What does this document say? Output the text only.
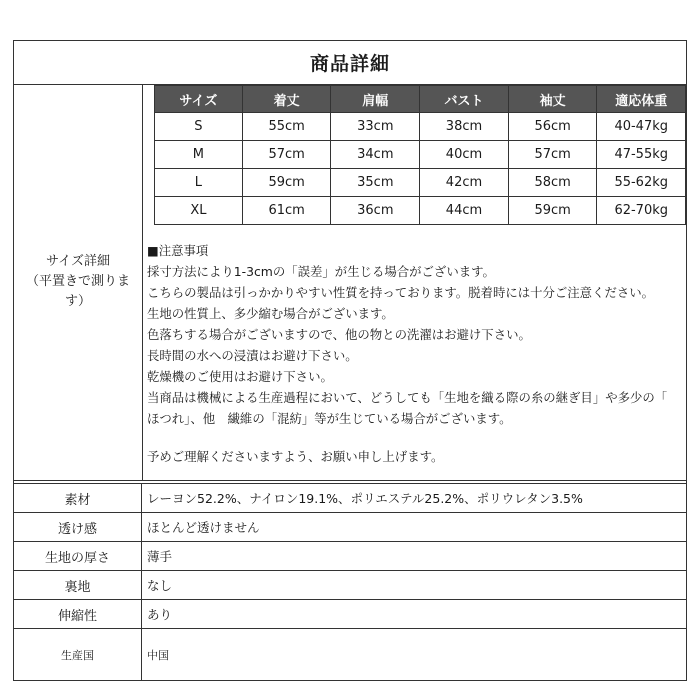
商品詳細
サイズ詳細
（平置きで測りま
す）
サイズ	着丈	肩幅	バスト	袖丈	適応体重
S	55cm	33cm	38cm	56cm	40-47kg
M	57cm	34cm	40cm	57cm	47-55kg
L	59cm	35cm	42cm	58cm	55-62kg
XL	61cm	36cm	44cm	59cm	62-70kg
■注意事項
採寸方法により1-3cmの「誤差」が生じる場合がございます。
こちらの製品は引っかかりやすい性質を持っております。脱着時には十分ご注意ください。
生地の性質上、多少縮む場合がございます。
色落ちする場合がございますので、他の物との洗濯はお避け下さい。
長時間の水への浸漬はお避け下さい。
乾燥機のご使用はお避け下さい。
当商品は機械による生産過程において、どうしても「生地を織る際の糸の継ぎ目」や多少の「
ほつれ」、他　繊維の「混紡」等が生じている場合がございます。
予めご理解くださいますよう、お願い申し上げます。
素材	レーヨン52.2%、ナイロン19.1%、ポリエステル25.2%、ポリウレタン3.5%
透け感	ほとんど透けません
生地の厚さ	薄手
裏地	なし
伸縮性	あり
生産国	中国
